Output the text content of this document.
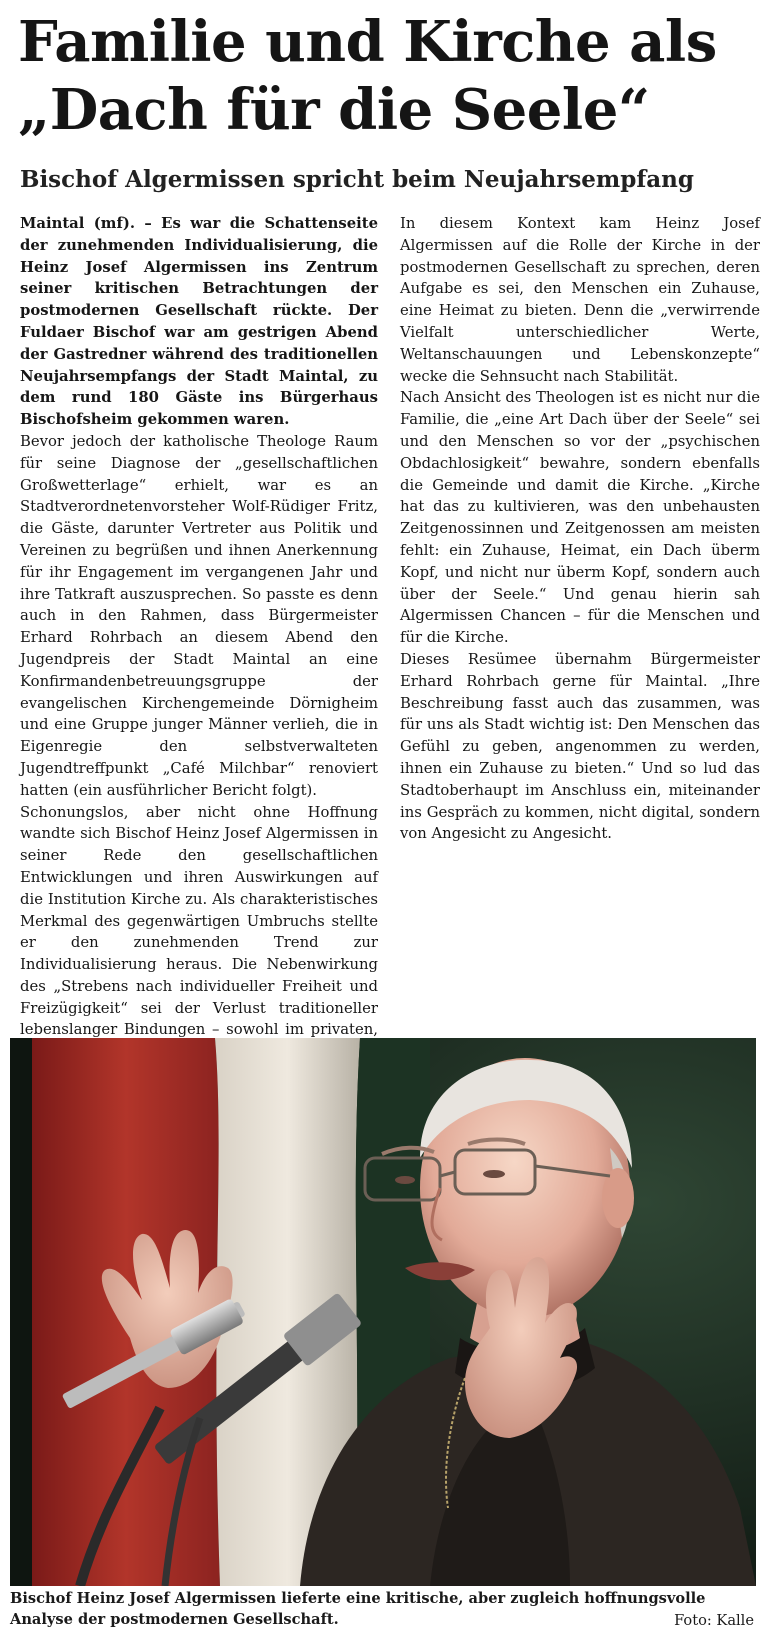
Familie und Kirche als
„Dach für die Seele“
Bischof Algermissen spricht beim Neujahrsempfang

Maintal (mf). – Es war die Schattenseite der zunehmenden Individualisierung, die Heinz Josef Algermissen ins Zentrum seiner kritischen Betrachtungen der postmodernen Gesellschaft rückte. Der Fuldaer Bischof war am gestrigen Abend der Gastredner während des traditionellen Neujahrsempfangs der Stadt Maintal, zu dem rund 180 Gäste ins Bürgerhaus Bischofsheim gekommen waren.

Bevor jedoch der katholische Theologe Raum für seine Diagnose der „gesellschaftlichen Großwetterlage“ erhielt, war es an Stadtverordnetenvorsteher Wolf-Rüdiger Fritz, die Gäste, darunter Vertreter aus Politik und Vereinen zu begrüßen und ihnen Anerkennung für ihr Engagement im vergangenen Jahr und ihre Tatkraft auszusprechen. So passte es denn auch in den Rahmen, dass Bürgermeister Erhard Rohrbach an diesem Abend den Jugendpreis der Stadt Maintal an eine Konfirmandenbetreuungsgruppe der evangelischen Kirchengemeinde Dörnigheim und eine Gruppe junger Männer verlieh, die in Eigenregie den selbstverwalteten Jugendtreffpunkt „Café Milchbar“ renoviert hatten (ein ausführlicher Bericht folgt).

Schonungslos, aber nicht ohne Hoffnung wandte sich Bischof Heinz Josef Algermissen in seiner Rede den gesellschaftlichen Entwicklungen und ihren Auswirkungen auf die Institution Kirche zu. Als charakteristisches Merkmal des gegenwärtigen Umbruchs stellte er den zunehmenden Trend zur Individualisierung heraus. Die Nebenwirkung des „Strebens nach individueller Freiheit und Freizügigkeit“ sei der Verlust traditioneller lebenslanger Bindungen – sowohl im privaten,

In diesem Kontext kam Heinz Josef Algermissen auf die Rolle der Kirche in der postmodernen Gesellschaft zu sprechen, deren Aufgabe es sei, den Menschen ein Zuhause, eine Heimat zu bieten. Denn die „verwirrende Vielfalt unterschiedlicher Werte, Weltanschauungen und Lebenskonzepte“ wecke die Sehnsucht nach Stabilität.

Nach Ansicht des Theologen ist es nicht nur die Familie, die „eine Art Dach über der Seele“ sei und den Menschen so vor der „psychischen Obdachlosigkeit“ bewahre, sondern ebenfalls die Gemeinde und damit die Kirche. „Kirche hat das zu kultivieren, was den unbehausten Zeitgenossinnen und Zeitgenossen am meisten fehlt: ein Zuhause, Heimat, ein Dach überm Kopf, und nicht nur überm Kopf, sondern auch über der Seele.“ Und genau hierin sah Algermissen Chancen – für die Menschen und für die Kirche.

Dieses Resümee übernahm Bürgermeister Erhard Rohrbach gerne für Maintal. „Ihre Beschreibung fasst auch das zusammen, was für uns als Stadt wichtig ist: Den Menschen das Gefühl zu geben, angenommen zu werden, ihnen ein Zuhause zu bieten.“ Und so lud das Stadtoberhaupt im Anschluss ein, miteinander ins Gespräch zu kommen, nicht digital, sondern von Angesicht zu Angesicht.

Bischof Heinz Josef Algermissen lieferte eine kritische, aber zugleich hoffnungsvolle Analyse der postmodernen Gesellschaft.	Foto: Kalle
